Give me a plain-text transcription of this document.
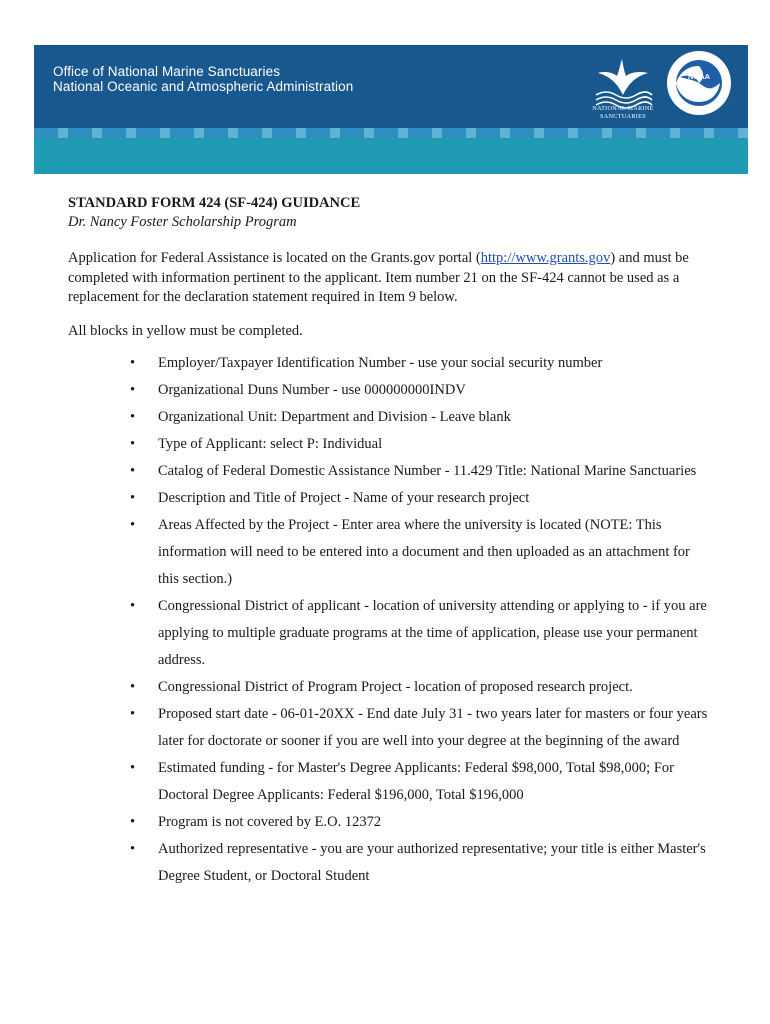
Office of National Marine Sanctuaries
National Oceanic and Atmospheric Administration
NATIONAL MARINE
SANCTUARIES
NOAA

STANDARD FORM 424 (SF-424) GUIDANCE

Dr. Nancy Foster Scholarship Program

Application for Federal Assistance is located on the Grants.gov portal (http://www.grants.gov) and must be completed with information pertinent to the applicant. Item number 21 on the SF-424 cannot be used as a replacement for the declaration statement required in Item 9 below.

All blocks in yellow must be completed.

• Employer/Taxpayer Identification Number - use your social security number
• Organizational Duns Number - use 000000000INDV
• Organizational Unit: Department and Division - Leave blank
• Type of Applicant: select P: Individual
• Catalog of Federal Domestic Assistance Number - 11.429 Title: National Marine Sanctuaries
• Description and Title of Project - Name of your research project
• Areas Affected by the Project - Enter area where the university is located (NOTE: This information will need to be entered into a document and then uploaded as an attachment for this section.)
• Congressional District of applicant - location of university attending or applying to - if you are applying to multiple graduate programs at the time of application, please use your permanent address.
• Congressional District of Program Project - location of proposed research project.
• Proposed start date - 06-01-20XX - End date July 31 - two years later for masters or four years later for doctorate or sooner if you are well into your degree at the beginning of the award
• Estimated funding - for Master's Degree Applicants: Federal $98,000, Total $98,000; For Doctoral Degree Applicants: Federal $196,000, Total $196,000
• Program is not covered by E.O. 12372
• Authorized representative - you are your authorized representative; your title is either Master's Degree Student, or Doctoral Student
